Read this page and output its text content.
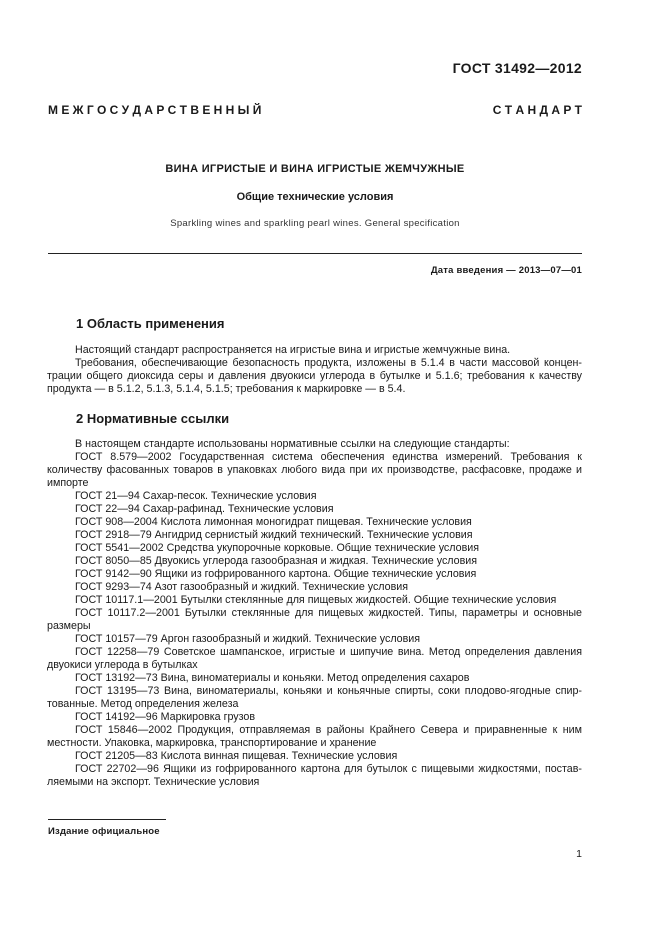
ГОСТ 31492—2012
М Е Ж Г О С У Д А Р С Т В Е Н Н Ы Й	С Т А Н Д А Р Т
ВИНА ИГРИСТЫЕ И ВИНА ИГРИСТЫЕ ЖЕМЧУЖНЫЕ
Общие технические условия
Sparkling wines and sparkling pearl wines. General specification
Дата введения — 2013—07—01
1 Область применения
Настоящий стандарт распространяется на игристые вина и игристые жемчужные вина.
Требования, обеспечивающие безопасность продукта, изложены в 5.1.4 в части массовой концен-
трации общего диоксида серы и давления двуокиси углерода в бутылке и 5.1.6; требования к качеству
продукта — в 5.1.2, 5.1.3, 5.1.4, 5.1.5; требования к маркировке — в 5.4.
2 Нормативные ссылки
В настоящем стандарте использованы нормативные ссылки на следующие стандарты:
ГОСТ 8.579—2002 Государственная система обеспечения единства измерений. Требования к
количеству фасованных товаров в упаковках любого вида при их производстве, расфасовке, продаже и
импорте
ГОСТ 21—94 Сахар-песок. Технические условия
ГОСТ 22—94 Сахар-рафинад. Технические условия
ГОСТ 908—2004 Кислота лимонная моногидрат пищевая. Технические условия
ГОСТ 2918—79 Ангидрид сернистый жидкий технический. Технические условия
ГОСТ 5541—2002 Средства укупорочные корковые. Общие технические условия
ГОСТ 8050—85 Двуокись углерода газообразная и жидкая. Технические условия
ГОСТ 9142—90 Ящики из гофрированного картона. Общие технические условия
ГОСТ 9293—74 Азот газообразный и жидкий. Технические условия
ГОСТ 10117.1—2001 Бутылки стеклянные для пищевых жидкостей. Общие технические условия
ГОСТ 10117.2—2001 Бутылки стеклянные для пищевых жидкостей. Типы, параметры и основные
размеры
ГОСТ 10157—79 Аргон газообразный и жидкий. Технические условия
ГОСТ 12258—79 Советское шампанское, игристые и шипучие вина. Метод определения давления
двуокиси углерода в бутылках
ГОСТ 13192—73 Вина, виноматериалы и коньяки. Метод определения сахаров
ГОСТ 13195—73 Вина, виноматериалы, коньяки и коньячные спирты, соки плодово-ягодные спир-
тованные. Метод определения железа
ГОСТ 14192—96 Маркировка грузов
ГОСТ 15846—2002 Продукция, отправляемая в районы Крайнего Севера и приравненные к ним
местности. Упаковка, маркировка, транспортирование и хранение
ГОСТ 21205—83 Кислота винная пищевая. Технические условия
ГОСТ 22702—96 Ящики из гофрированного картона для бутылок с пищевыми жидкостями, постав-
ляемыми на экспорт. Технические условия
Издание официальное
1
